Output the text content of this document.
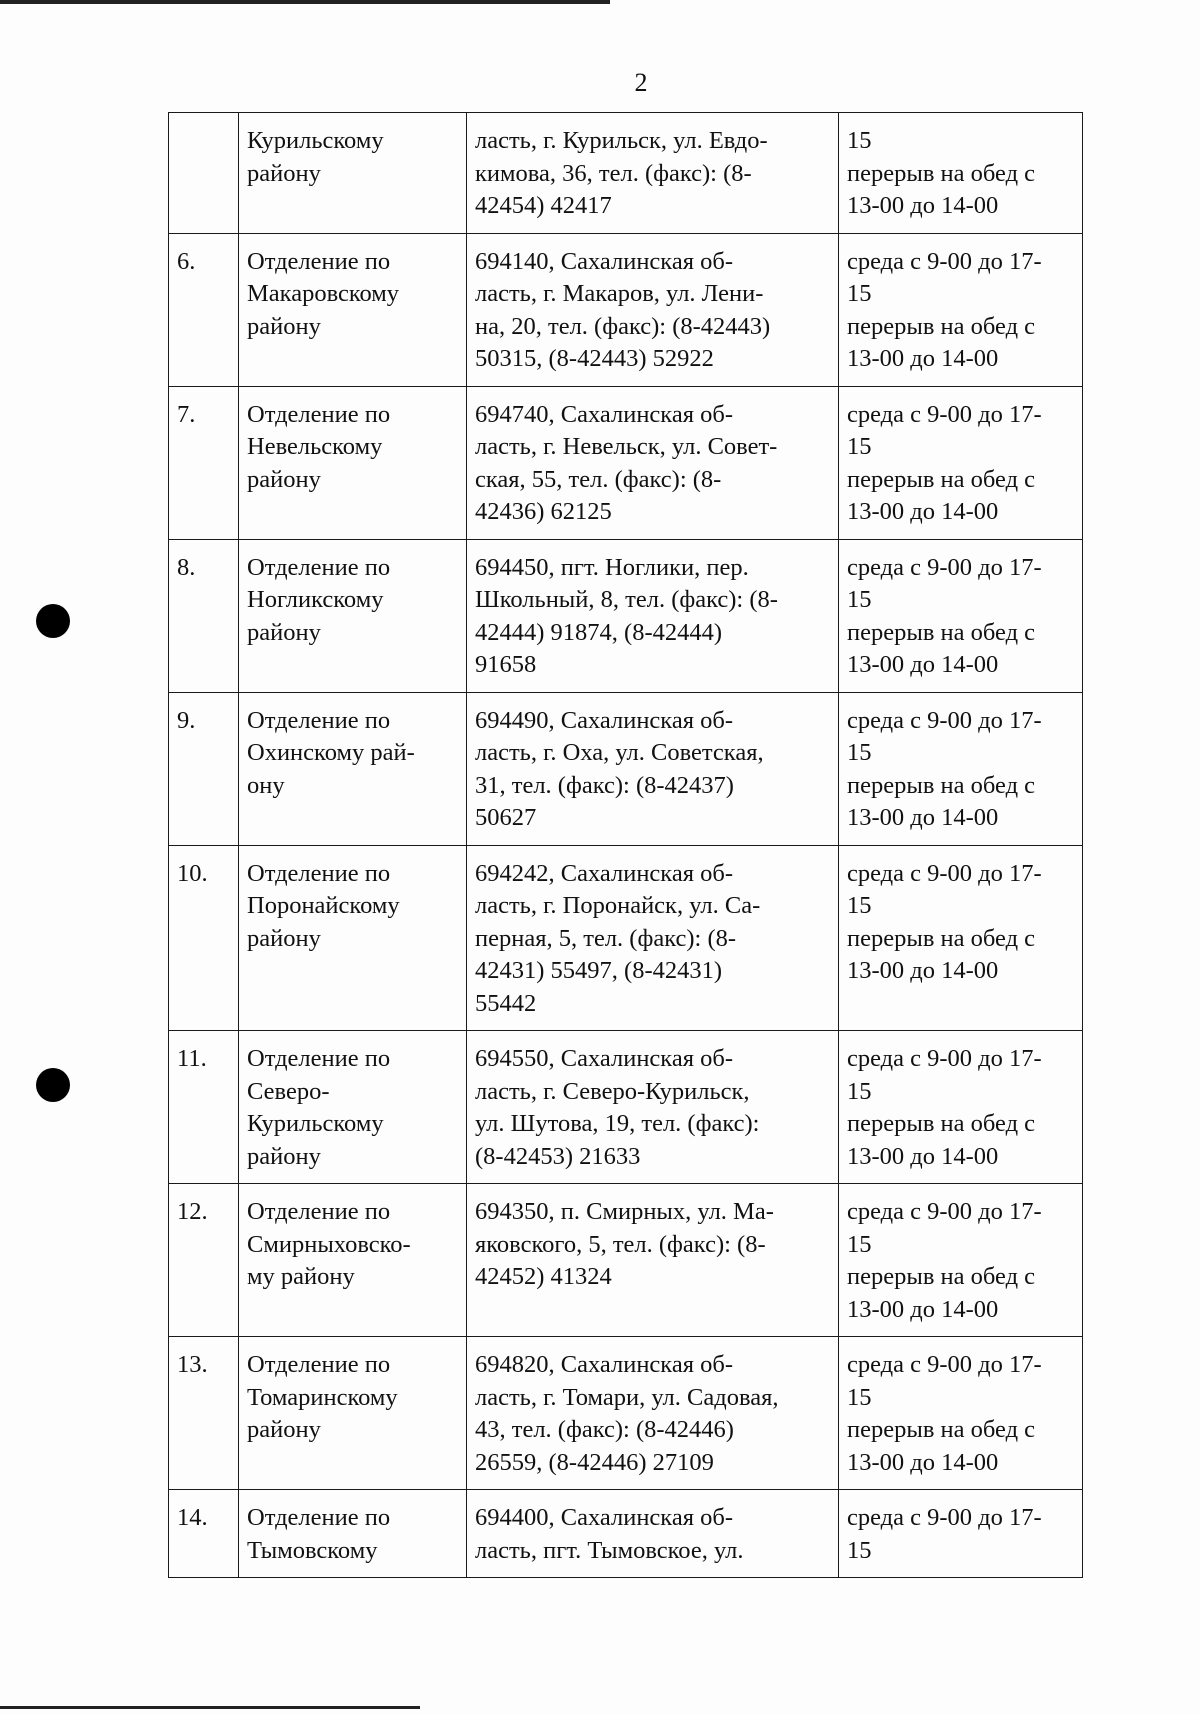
2

	Курильскому
району	ласть, г. Курильск, ул. Евдо-
кимова, 36, тел. (факс): (8-
42454) 42417	15
перерыв на обед с
13-00 до 14-00

6.	Отделение по
Макаровскому
району	694140, Сахалинская об-
ласть, г. Макаров, ул. Лени-
на, 20, тел. (факс): (8-42443)
50315, (8-42443) 52922	среда с 9-00 до 17-
15
перерыв на обед с
13-00 до 14-00

7.	Отделение по
Невельскому
району	694740, Сахалинская об-
ласть, г. Невельск, ул. Совет-
ская, 55, тел. (факс): (8-
42436) 62125	среда с 9-00 до 17-
15
перерыв на обед с
13-00 до 14-00

8.	Отделение по
Ногликскому
району	694450, пгт. Ноглики, пер.
Школьный, 8, тел. (факс): (8-
42444) 91874, (8-42444)
91658	среда с 9-00 до 17-
15
перерыв на обед с
13-00 до 14-00

9.	Отделение по
Охинскому рай-
ону	694490, Сахалинская об-
ласть, г. Оха, ул. Советская,
31, тел. (факс): (8-42437)
50627	среда с 9-00 до 17-
15
перерыв на обед с
13-00 до 14-00

10.	Отделение по
Поронайскому
району	694242, Сахалинская об-
ласть, г. Поронайск, ул. Са-
перная, 5, тел. (факс): (8-
42431) 55497, (8-42431)
55442	среда с 9-00 до 17-
15
перерыв на обед с
13-00 до 14-00

11.	Отделение по
Северо-
Курильскому
району	694550, Сахалинская об-
ласть, г. Северо-Курильск,
ул. Шутова, 19, тел. (факс):
(8-42453) 21633	среда с 9-00 до 17-
15
перерыв на обед с
13-00 до 14-00

12.	Отделение по
Смирныховско-
му району	694350, п. Смирных, ул. Ма-
яковского, 5, тел. (факс): (8-
42452) 41324	среда с 9-00 до 17-
15
перерыв на обед с
13-00 до 14-00

13.	Отделение по
Томаринскому
району	694820, Сахалинская об-
ласть, г. Томари, ул. Садовая,
43, тел. (факс): (8-42446)
26559, (8-42446) 27109	среда с 9-00 до 17-
15
перерыв на обед с
13-00 до 14-00

14.	Отделение по
Тымовскому	694400, Сахалинская об-
ласть, пгт. Тымовское, ул.	среда с 9-00 до 17-
15
